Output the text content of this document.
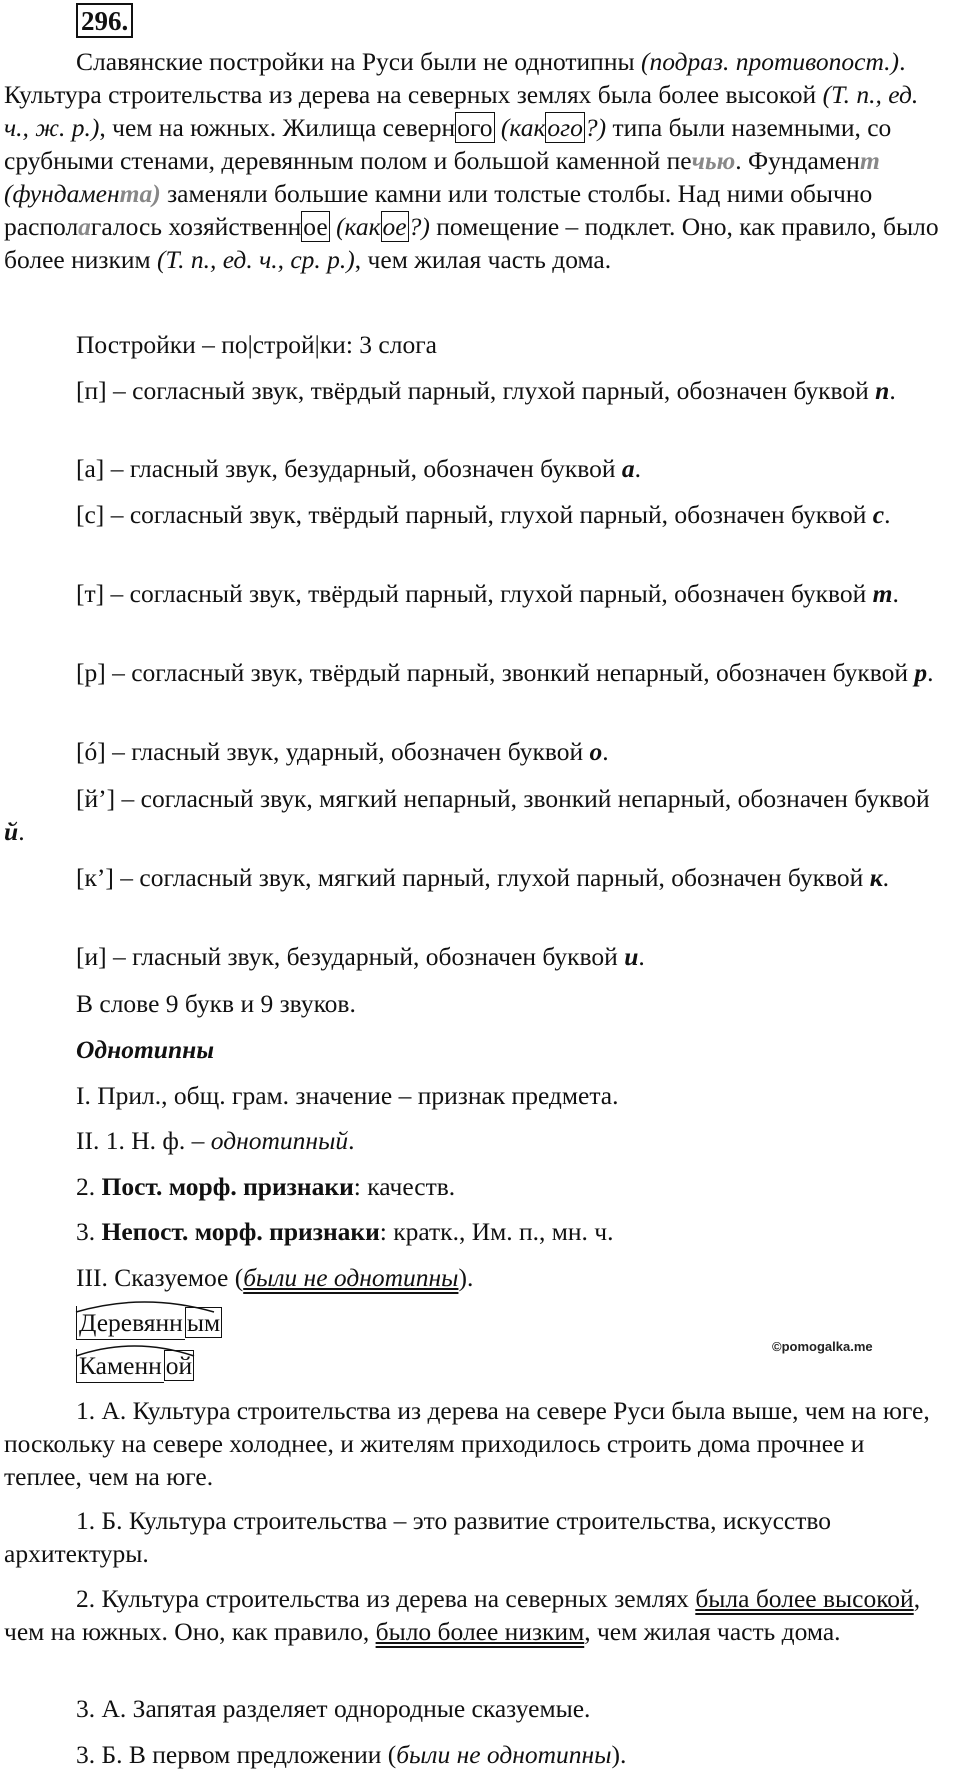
296.

Славянские постройки на Руси были не однотипны (подраз. противопост.). Культура строительства из дерева на северных землях была более высокой (Т. п., ед. ч., ж. р.), чем на южных. Жилища северного (какого?) типа были наземными, со срубными стенами, деревянным полом и большой каменной печью. Фундамент (фундамента) заменяли большие камни или толстые столбы. Над ними обычно располагалось хозяйственное (какое?) помещение – подклет. Оно, как правило, было более низким (Т. п., ед. ч., ср. р.), чем жилая часть дома.

Постройки – по|строй|ки: 3 слога

[п] – согласный звук, твёрдый парный, глухой парный, обозначен буквой п.

[а] – гласный звук, безударный, обозначен буквой а.

[с] – согласный звук, твёрдый парный, глухой парный, обозначен буквой с.

[т] – согласный звук, твёрдый парный, глухой парный, обозначен буквой т.

[р] – согласный звук, твёрдый парный, звонкий непарный, обозначен буквой р.

[ó] – гласный звук, ударный, обозначен буквой о.

[й’] – согласный звук, мягкий непарный, звонкий непарный, обозначен буквой й.

[к’] – согласный звук, мягкий парный, глухой парный, обозначен буквой к.

[и] – гласный звук, безударный, обозначен буквой и.

В слове 9 букв и 9 звуков.

Однотипны

I. Прил., общ. грам. значение – признак предмета.

II. 1. Н. ф. – однотипный.

2. Пост. морф. признаки: качеств.

3. Непост. морф. признаки: кратк., Им. п., мн. ч.

III. Сказуемое (были не однотипны).

Деревянн ым

Каменн ой

©pomogalka.me

1. А. Культура строительства из дерева на севере Руси была выше, чем на юге, поскольку на севере холоднее, и жителям приходилось строить дома прочнее и теплее, чем на юге.

1. Б. Культура строительства – это развитие строительства, искусство архитектуры.

2. Культура строительства из дерева на северных землях была более высокой, чем на южных. Оно, как правило, было более низким, чем жилая часть дома.

3. А. Запятая разделяет однородные сказуемые.

3. Б. В первом предложении (были не однотипны).
